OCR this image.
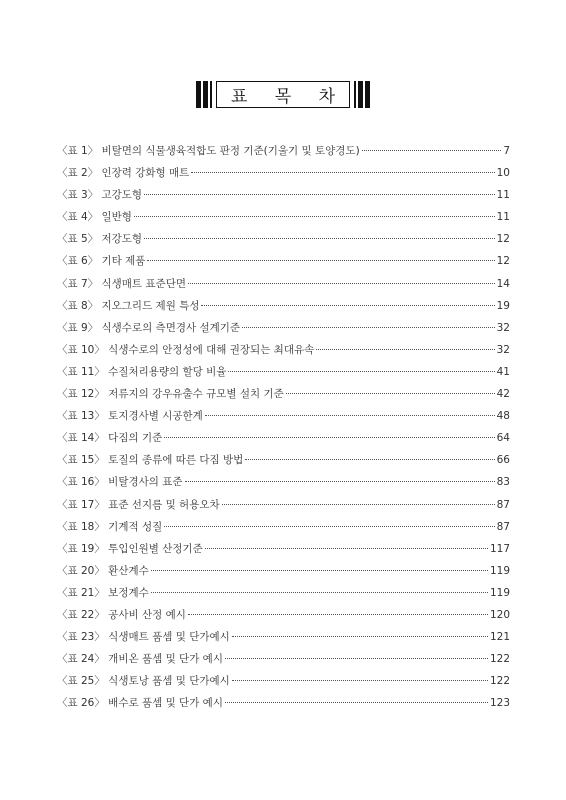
표 목 차
〈표 1〉 비탈면의 식물생육적합도 판정 기준(기울기 및 토양경도)	7
〈표 2〉 인장력 강화형 매트	10
〈표 3〉 고강도형	11
〈표 4〉 일반형	11
〈표 5〉 저강도형	12
〈표 6〉 기타 제품	12
〈표 7〉 식생매트 표준단면	14
〈표 8〉 지오그리드 제원 특성	19
〈표 9〉 식생수로의 측면경사 설계기준	32
〈표 10〉 식생수로의 안정성에 대해 권장되는 최대유속	32
〈표 11〉 수질처리용량의 할당 비율	41
〈표 12〉 저류지의 강우유출수 규모별 설치 기준	42
〈표 13〉 토지경사별 시공한계	48
〈표 14〉 다짐의 기준	64
〈표 15〉 토질의 종류에 따른 다짐 방법	66
〈표 16〉 비탈경사의 표준	83
〈표 17〉 표준 선지름 및 허용오차	87
〈표 18〉 기계적 성질	87
〈표 19〉 투입인원별 산정기준	117
〈표 20〉 환산계수	119
〈표 21〉 보정계수	119
〈표 22〉 공사비 산정 예시	120
〈표 23〉 식생매트 품셈 및 단가예시	121
〈표 24〉 개비온 품셈 및 단가 예시	122
〈표 25〉 식생토낭 품셈 및 단가예시	122
〈표 26〉 배수로 품셈 및 단가 예시	123
